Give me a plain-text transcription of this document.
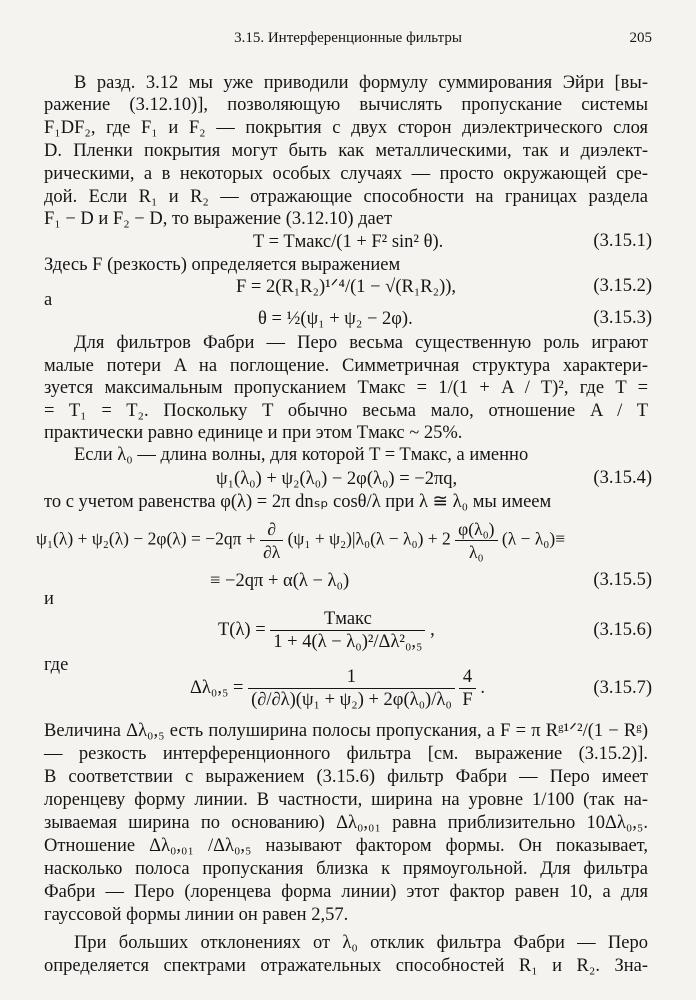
3.15. Интерференционные фильтры	205
В разд. 3.12 мы уже приводили формулу суммирования Эйри [вы-
ражение (3.12.10)], позволяющую вычислять пропускание системы
F₁DF₂, где F₁ и F₂ — покрытия с двух сторон диэлектрического слоя
D. Пленки покрытия могут быть как металлическими, так и диэлект-
рическими, а в некоторых особых случаях — просто окружающей сре-
дой. Если R₁ и R₂ — отражающие способности на границах раздела
F₁ − D и F₂ − D, то выражение (3.12.10) дает
T = Tмакс/(1 + F² sin² θ).	(3.15.1)
Здесь F (резкость) определяется выражением
F = 2(R₁R₂)¹ᐟ⁴/(1 − √(R₁R₂)),	(3.15.2)
а
θ = ½(ψ₁ + ψ₂ − 2φ).	(3.15.3)
Для фильтров Фабри — Перо весьма существенную роль играют
малые потери A на поглощение. Симметричная структура характери-
зуется максимальным пропусканием Tмакс = 1/(1 + A / T)², где T =
= T₁ = T₂. Поскольку T обычно весьма мало, отношение A / T
практически равно единице и при этом Tмакс ~ 25%.
Если λ₀ — длина волны, для которой T = Tмакс, а именно
ψ₁(λ₀) + ψ₂(λ₀) − 2φ(λ₀) = −2πq,	(3.15.4)
то с учетом равенства φ(λ) = 2π dnₛₚ cosθ/λ при λ ≅ λ₀ мы имеем
$\psi_1(\lambda) + \psi_2(\lambda) - 2\varphi(\lambda) = -2q\pi + \frac{\partial}{\partial\lambda} (\psi_1 + \psi_2)|\lambda_0(\lambda - \lambda_0) + 2 \frac{\text{φ(λ₀)}}{\text{λ₀}} (\lambda - \lambda_0)\equiv$
≡ −2qπ + α(λ − λ₀)	(3.15.5)
и
$T(\lambda) = \frac{\text{Tмакс}}{\text{1 + 4(λ − λ₀)²/Δλ²₀,₅}}$ ,	(3.15.6)
где
$\Delta\lambda_0,_5 = \frac{1}{\text{(∂/∂λ)(ψ₁ + ψ₂) + 2φ(λ₀)/λ₀}}$
$\frac{4}{F}$ .	(3.15.7)
Величина Δλ₀,₅ есть полуширина полосы пропускания, а F = π Rᵍ¹ᐟ²/(1 − Rᵍ)
— резкость интерференционного фильтра [см. выражение (3.15.2)].
В соответствии с выражением (3.15.6) фильтр Фабри — Перо имеет
лоренцеву форму линии. В частности, ширина на уровне 1/100 (так на-
зываемая ширина по основанию) Δλ₀,₀₁ равна приблизительно 10Δλ₀,₅.
Отношение Δλ₀,₀₁ /Δλ₀,₅ называют фактором формы. Он показывает,
насколько полоса пропускания близка к прямоугольной. Для фильтра
Фабри — Перо (лоренцева форма линии) этот фактор равен 10, а для
гауссовой формы линии он равен 2,57.
При больших отклонениях от λ₀ отклик фильтра Фабри — Перо
определяется спектрами отражательных способностей R₁ и R₂. Зна-
